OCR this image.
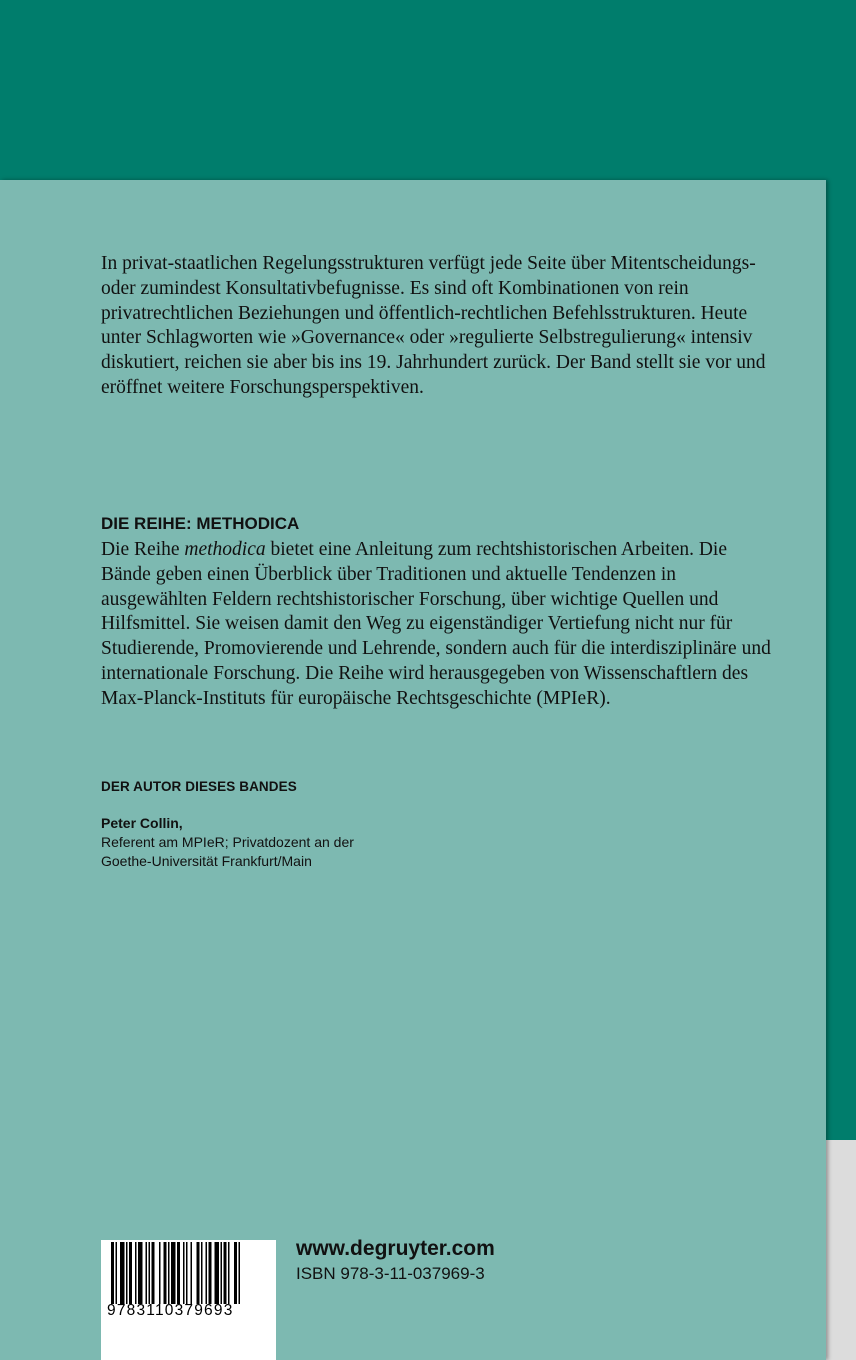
In privat-staatlichen Regelungsstrukturen verfügt jede Seite über Mitentscheidungs- oder zumindest Konsultativbefugnisse. Es sind oft Kombinationen von rein privatrechtlichen Beziehungen und öffentlich-rechtlichen Befehlsstrukturen. Heute unter Schlagworten wie »Governance« oder »regulierte Selbstregulierung« intensiv diskutiert, reichen sie aber bis ins 19. Jahrhundert zurück. Der Band stellt sie vor und eröffnet weitere Forschungsperspektiven.

DIE REIHE: METHODICA

Die Reihe methodica bietet eine Anleitung zum rechtshistorischen Arbeiten. Die Bände geben einen Überblick über Traditionen und aktuelle Tendenzen in ausgewählten Feldern rechtshistorischer Forschung, über wichtige Quellen und Hilfsmittel. Sie weisen damit den Weg zu eigenständiger Vertiefung nicht nur für Studierende, Promovierende und Lehrende, sondern auch für die interdisziplinäre und internationale Forschung. Die Reihe wird herausgegeben von Wissenschaftlern des Max-Planck-Instituts für europäische Rechtsgeschichte (MPIeR).

DER AUTOR DIESES BANDES

Peter Collin,

Referent am MPIeR; Privatdozent an der
Goethe-Universität Frankfurt/Main

9783110379693

www.degruyter.com

ISBN 978-3-11-037969-3
